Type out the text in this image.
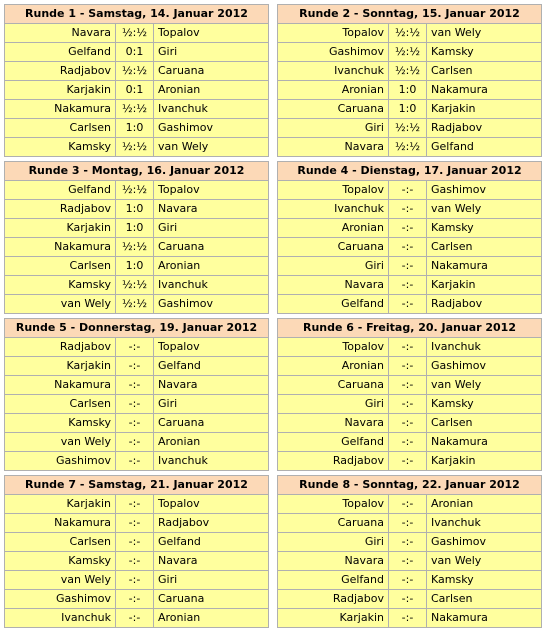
Runde 1 - Samstag, 14. Januar 2012
Navara ½:½ Topalov
Gelfand	0:1	Giri
Radjabov ½:½ Caruana
Karjakin	0:1	Aronian
Nakamura ½:½ Ivanchuk
Carlsen	1:0	Gashimov
Kamsky ½:½ van Wely
Runde 2 - Sonntag, 15. Januar 2012
Topalov ½:½ van Wely
Gashimov ½:½ Kamsky
Ivanchuk ½:½ Carlsen
Aronian	1:0	Nakamura
Caruana	1:0	Karjakin
Giri ½:½ Radjabov
Navara ½:½ Gelfand
Runde 3 - Montag, 16. Januar 2012
Gelfand ½:½ Topalov
Radjabov	1:0	Navara
Karjakin	1:0	Giri
Nakamura ½:½ Caruana
Carlsen	1:0	Aronian
Kamsky ½:½ Ivanchuk
van Wely ½:½ Gashimov
Runde 4 - Dienstag, 17. Januar 2012
Topalov	-:-	Gashimov
Ivanchuk	-:-	van Wely
Aronian	-:-	Kamsky
Caruana	-:-	Carlsen
Giri	-:-	Nakamura
Navara	-:-	Karjakin
Gelfand	-:-	Radjabov
Runde 5 - Donnerstag, 19. Januar 2012
Radjabov	-:-	Topalov
Karjakin	-:-	Gelfand
Nakamura	-:-	Navara
Carlsen	-:-	Giri
Kamsky	-:-	Caruana
van Wely	-:-	Aronian
Gashimov	-:-	Ivanchuk
Runde 6 - Freitag, 20. Januar 2012
Topalov	-:-	Ivanchuk
Aronian	-:-	Gashimov
Caruana	-:-	van Wely
Giri	-:-	Kamsky
Navara	-:-	Carlsen
Gelfand	-:-	Nakamura
Radjabov	-:-	Karjakin
Runde 7 - Samstag, 21. Januar 2012
Karjakin	-:-	Topalov
Nakamura	-:-	Radjabov
Carlsen	-:-	Gelfand
Kamsky	-:-	Navara
van Wely	-:-	Giri
Gashimov	-:-	Caruana
Ivanchuk	-:-	Aronian
Runde 8 - Sonntag, 22. Januar 2012
Topalov	-:-	Aronian
Caruana	-:-	Ivanchuk
Giri	-:-	Gashimov
Navara	-:-	van Wely
Gelfand	-:-	Kamsky
Radjabov	-:-	Carlsen
Karjakin	-:-	Nakamura
